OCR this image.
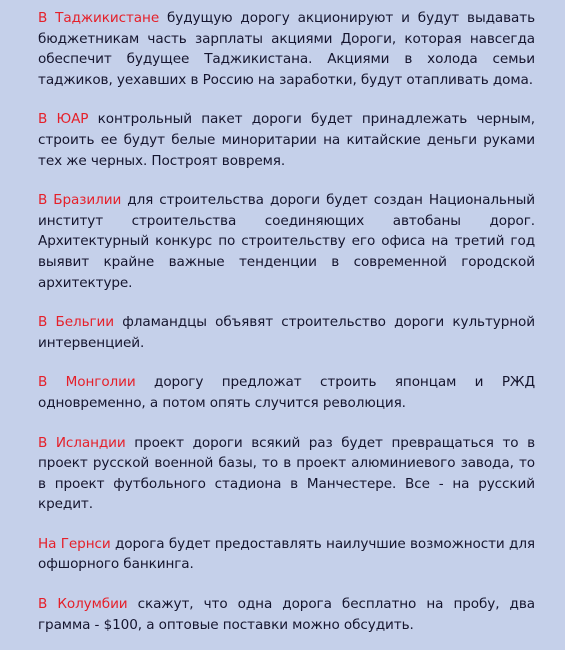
В Таджикистане будущую дорогу акционируют и будут выдавать бюджетникам часть зарплаты акциями Дороги, которая навсегда обеспечит будущее Таджикистана. Акциями в холода семьи таджиков, уехавших в Россию на заработки, будут отапливать дома.

В ЮАР контрольный пакет дороги будет принадлежать черным, строить ее будут белые миноритарии на китайские деньги руками тех же черных. Построят вовремя.

В Бразилии для строительства дороги будет создан Национальный институт строительства соединяющих автобаны дорог. Архитектурный конкурс по строительству его офиса на третий год выявит крайне важные тенденции в современной городской архитектуре.

В Бельгии фламандцы объявят строительство дороги культурной интервенцией.

В Монголии дорогу предложат строить японцам и РЖД одновременно, а потом опять случится революция.

В Исландии проект дороги всякий раз будет превращаться то в проект русской военной базы, то в проект алюминиевого завода, то в проект футбольного стадиона в Манчестере. Все - на русский кредит.

На Гернси дорога будет предоставлять наилучшие возможности для офшорного банкинга.

В Колумбии скажут, что одна дорога бесплатно на пробу, два грамма - $100, а оптовые поставки можно обсудить.
